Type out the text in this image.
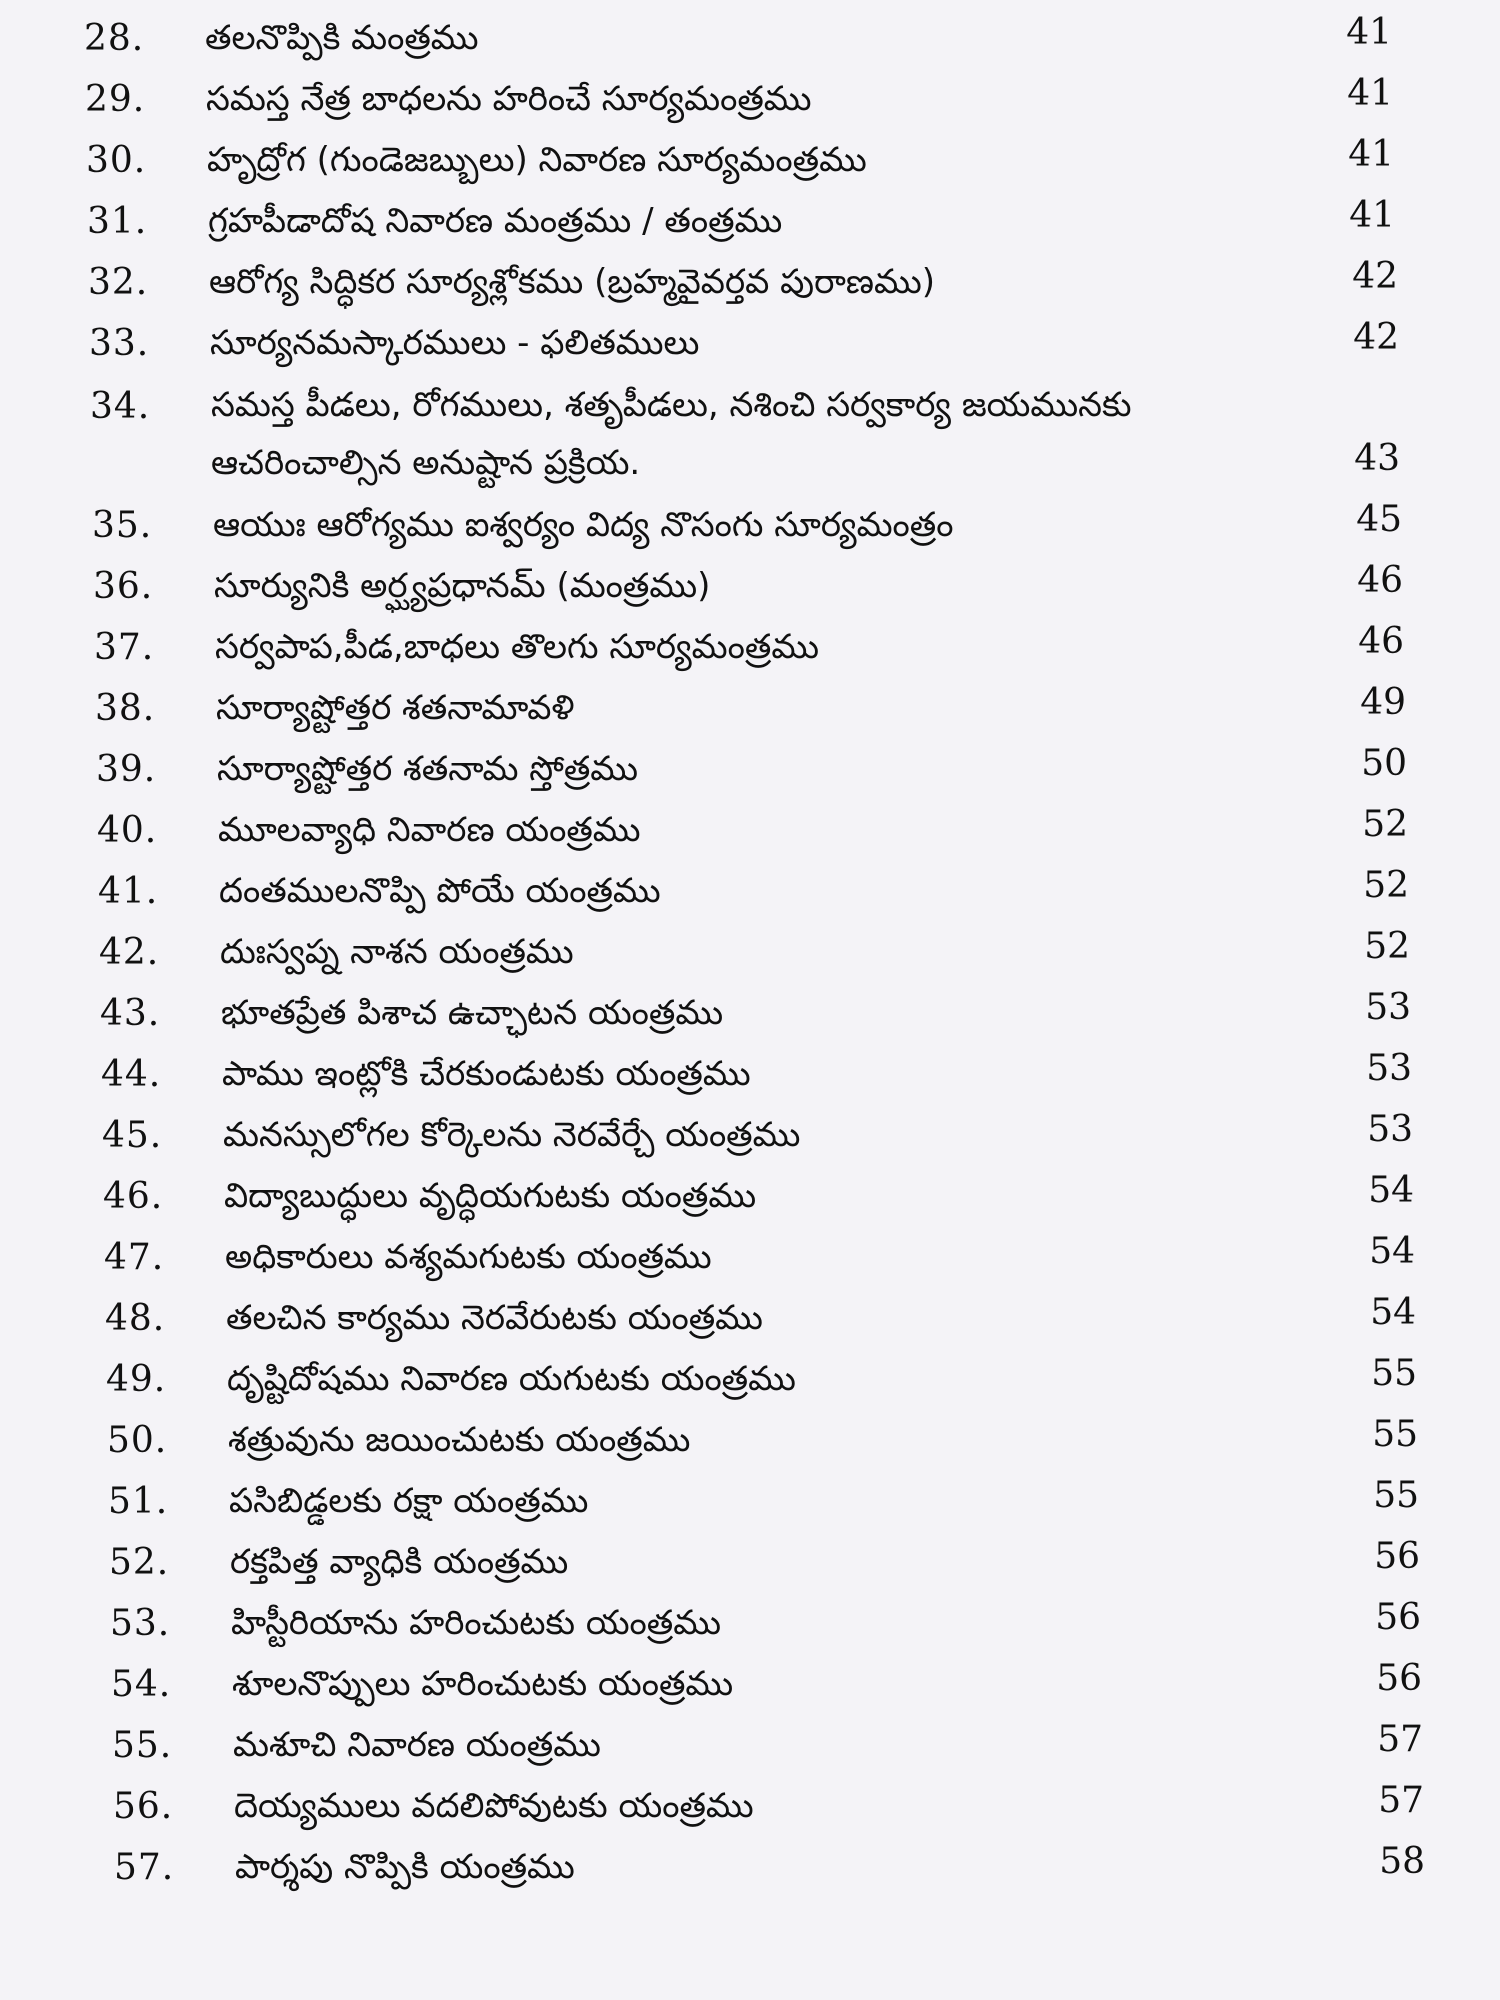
28. తలనొప్పికి మంత్రము	41
29. సమస్త నేత్ర బాధలను హరించే సూర్యమంత్రము	41
30. హృద్రోగ (గుండెజబ్బులు) నివారణ సూర్యమంత్రము	41
31. గ్రహపీడాదోష నివారణ మంత్రము / తంత్రము	41
32. ఆరోగ్య సిద్ధికర సూర్యశ్లోకము (బ్రహ్మవైవర్తవ పురాణము)	42
33. సూర్యనమస్కారములు - ఫలితములు	42
34. సమస్త పీడలు, రోగములు, శతృపీడలు, నశించి సర్వకార్య జయమునకు
ఆచరించాల్సిన అనుష్టాన ప్రక్రియ.	43
35. ఆయుః ఆరోగ్యము ఐశ్వర్యం విద్య నొసంగు సూర్యమంత్రం	45
36. సూర్యునికి అర్ఘ్యప్రధానమ్ (మంత్రము)	46
37. సర్వపాప,పీడ,బాధలు తొలగు సూర్యమంత్రము	46
38. సూర్యాష్టోత్తర శతనామావళి	49
39. సూర్యాష్టోత్తర శతనామ స్తోత్రము	50
40. మూలవ్యాధి నివారణ యంత్రము	52
41. దంతములనొప్పి పోయే యంత్రము	52
42. దుఃస్వప్న నాశన యంత్రము	52
43. భూతప్రేత పిశాచ ఉచ్ఛాటన యంత్రము	53
44. పాము ఇంట్లోకి చేరకుండుటకు యంత్రము	53
45. మనస్సులోగల కోర్కెలను నెరవేర్చే యంత్రము	53
46. విద్యాబుద్ధులు వృద్ధియగుటకు యంత్రము	54
47. అధికారులు వశ్యమగుటకు యంత్రము	54
48. తలచిన కార్యము నెరవేరుటకు యంత్రము	54
49. దృష్టిదోషము నివారణ యగుటకు యంత్రము	55
50. శత్రువును జయించుటకు యంత్రము	55
51. పసిబిడ్డలకు రక్షా యంత్రము	55
52. రక్తపిత్త వ్యాధికి యంత్రము	56
53. హిస్టీరియాను హరించుటకు యంత్రము	56
54. శూలనొప్పులు హరించుటకు యంత్రము	56
55. మశూచి నివారణ యంత్రము	57
56. దెయ్యములు వదలిపోవుటకు యంత్రము	57
57. పార్శపు నొప్పికి యంత్రము	58
